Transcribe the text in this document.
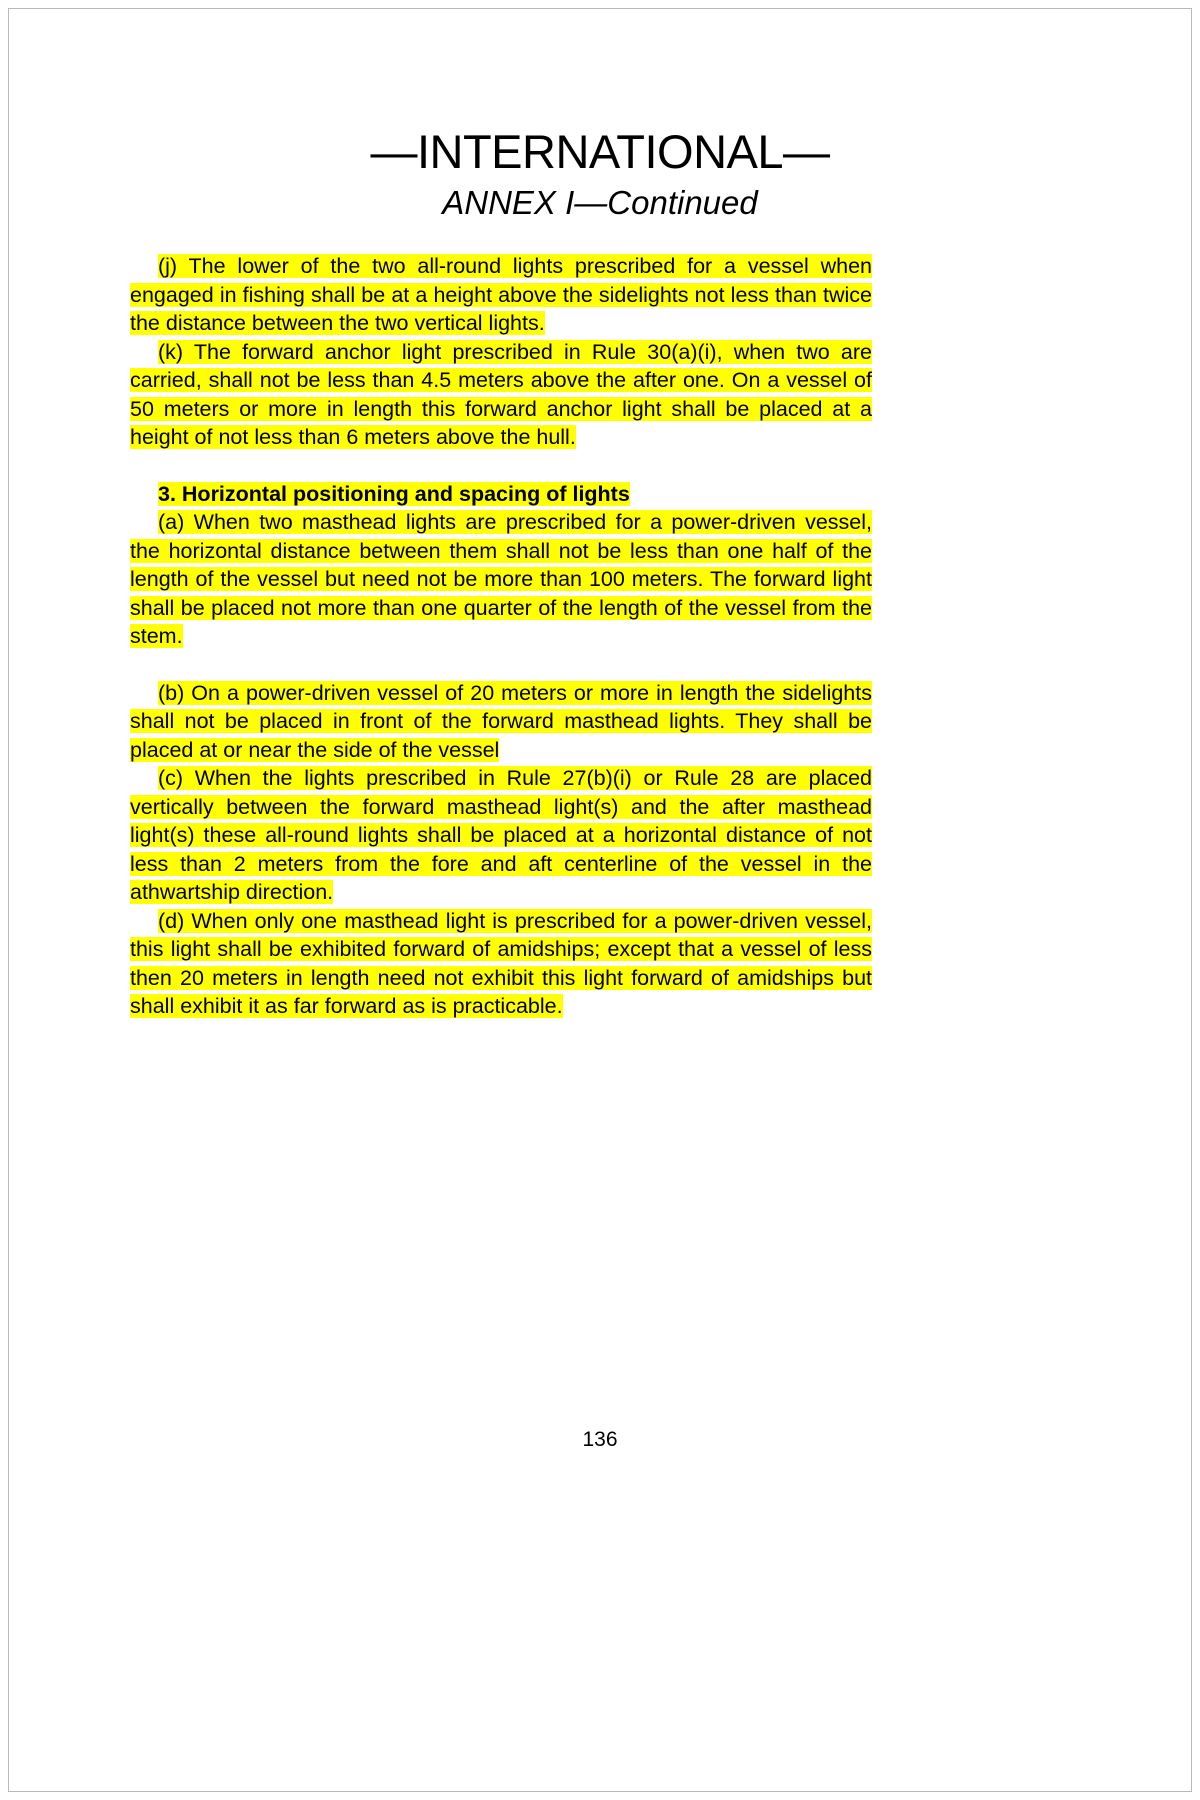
—INTERNATIONAL—
ANNEX I—Continued

(j) The lower of the two all-round lights prescribed for a vessel when engaged in fishing shall be at a height above the sidelights not less than twice the distance between the two vertical lights.

(k) The forward anchor light prescribed in Rule 30(a)(i), when two are carried, shall not be less than 4.5 meters above the after one. On a vessel of 50 meters or more in length this forward anchor light shall be placed at a height of not less than 6 meters above the hull.

3. Horizontal positioning and spacing of lights

(a) When two masthead lights are prescribed for a power-driven vessel, the horizontal distance between them shall not be less than one half of the length of the vessel but need not be more than 100 meters. The forward light shall be placed not more than one quarter of the length of the vessel from the stem.

(b) On a power-driven vessel of 20 meters or more in length the sidelights shall not be placed in front of the forward masthead lights. They shall be placed at or near the side of the vessel

(c) When the lights prescribed in Rule 27(b)(i) or Rule 28 are placed vertically between the forward masthead light(s) and the after masthead light(s) these all-round lights shall be placed at a horizontal distance of not less than 2 meters from the fore and aft centerline of the vessel in the athwartship direction.

(d) When only one masthead light is prescribed for a power-driven vessel, this light shall be exhibited forward of amidships; except that a vessel of less then 20 meters in length need not exhibit this light forward of amidships but shall exhibit it as far forward as is practicable.

136
